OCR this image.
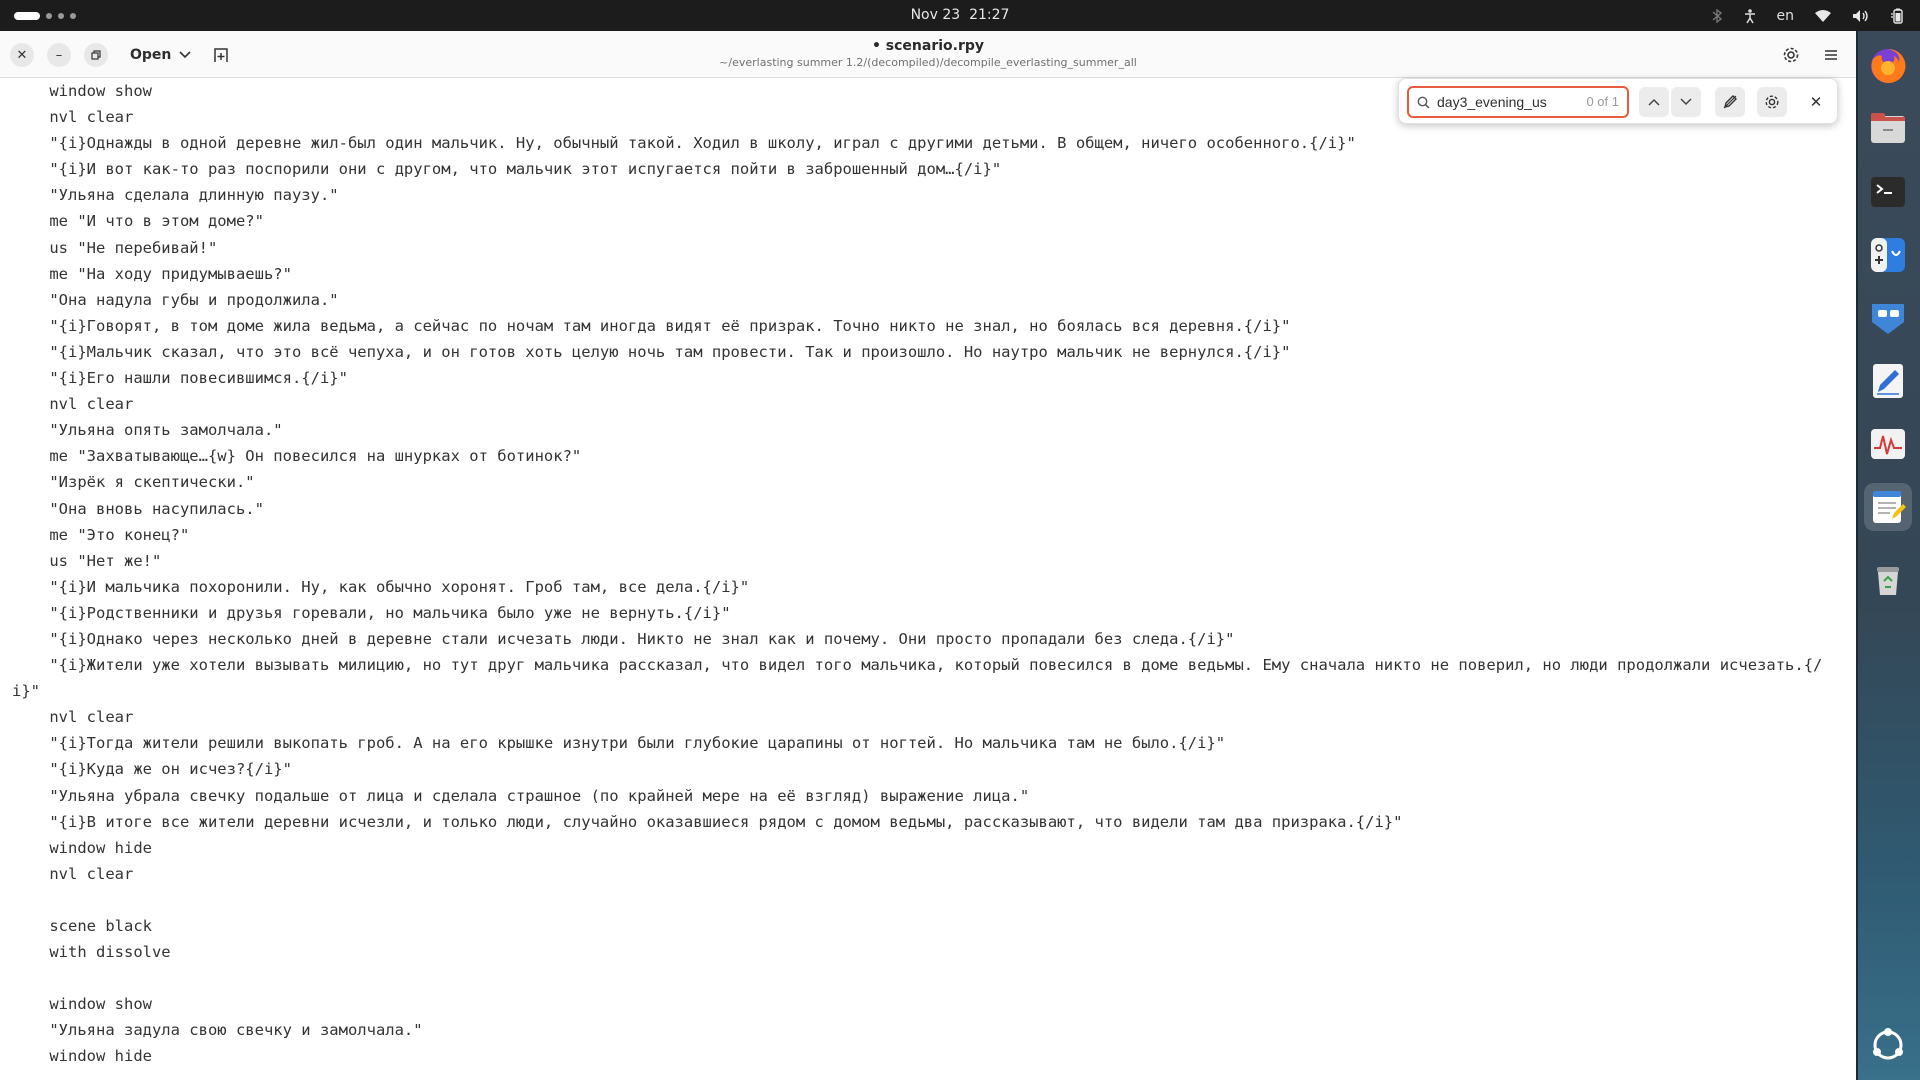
Nov 23 21:27	en
✕ –	Open
• scenario.rpy
~/everlasting summer 1.2/(decompiled)/decompile_everlasting_summer_all
window show
nvl clear
"{i}Однажды в одной деревне жил-был один мальчик. Ну, обычный такой. Ходил в школу, играл с другими детьми. В общем, ничего особенного.{/i}"
"{i}И вот как-то раз поспорили они с другом, что мальчик этот испугается пойти в заброшенный дом…{/i}"
"Ульяна сделала длинную паузу."
me "И что в этом доме?"
us "Не перебивай!"
me "На ходу придумываешь?"
"Она надула губы и продолжила."
"{i}Говорят, в том доме жила ведьма, а сейчас по ночам там иногда видят её призрак. Точно никто не знал, но боялась вся деревня.{/i}"
"{i}Мальчик сказал, что это всё чепуха, и он готов хоть целую ночь там провести. Так и произошло. Но наутро мальчик не вернулся.{/i}"
"{i}Его нашли повесившимся.{/i}"
nvl clear
"Ульяна опять замолчала."
me "Захватывающе…{w} Он повесился на шнурках от ботинок?"
"Изрёк я скептически."
"Она вновь насупилась."
me "Это конец?"
us "Нет же!"
"{i}И мальчика похоронили. Ну, как обычно хоронят. Гроб там, все дела.{/i}"
"{i}Родственники и друзья горевали, но мальчика было уже не вернуть.{/i}"
"{i}Однако через несколько дней в деревне стали исчезать люди. Никто не знал как и почему. Они просто пропадали без следа.{/i}"
"{i}Жители уже хотели вызывать милицию, но тут друг мальчика рассказал, что видел того мальчика, который повесился в доме ведьмы. Ему сначала никто не поверил, но люди продолжали исчезать.{/i}"
nvl clear
"{i}Тогда жители решили выкопать гроб. А на его крышке изнутри были глубокие царапины от ногтей. Но мальчика там не было.{/i}"
"{i}Куда же он исчез?{/i}"
"Ульяна убрала свечку подальше от лица и сделала страшное (по крайней мере на её взгляд) выражение лица."
"{i}В итоге все жители деревни исчезли, и только люди, случайно оказавшиеся рядом с домом ведьмы, рассказывают, что видели там два призрака.{/i}"
window hide
nvl clear
scene black
with dissolve
window show
"Ульяна задула свою свечку и замолчала."
window hide
day3_evening_us
0 of 1	✕
